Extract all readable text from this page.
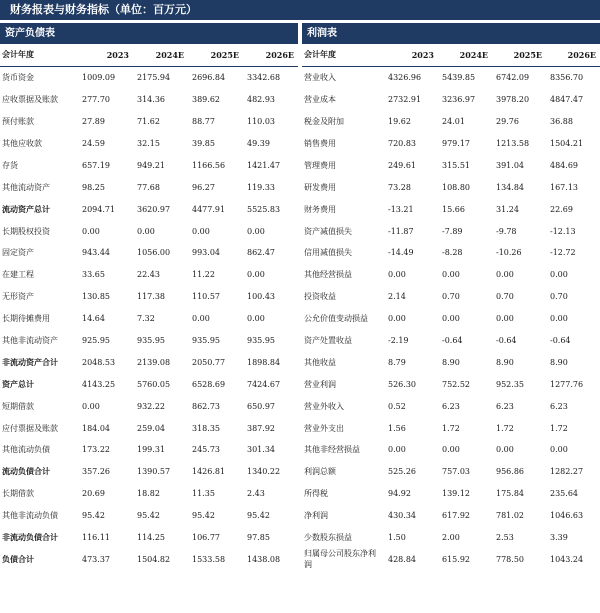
财务报表与财务指标（单位：百万元）
资产负债表
会计年度	2023	2024E	2025E	2026E
货币资金	1009.09	2175.94	2696.84	3342.68
应收票据及账款	277.70	314.36	389.62	482.93
预付账款	27.89	71.62	88.77	110.03
其他应收款	24.59	32.15	39.85	49.39
存货	657.19	949.21	1166.56	1421.47
其他流动资产	98.25	77.68	96.27	119.33
流动资产总计	2094.71	3620.97	4477.91	5525.83
长期股权投资	0.00	0.00	0.00	0.00
固定资产	943.44	1056.00	993.04	862.47
在建工程	33.65	22.43	11.22	0.00
无形资产	130.85	117.38	110.57	100.43
长期待摊费用	14.64	7.32	0.00	0.00
其他非流动资产	925.95	935.95	935.95	935.95
非流动资产合计	2048.53	2139.08	2050.77	1898.84
资产总计	4143.25	5760.05	6528.69	7424.67
短期借款	0.00	932.22	862.73	650.97
应付票据及账款	184.04	259.04	318.35	387.92
其他流动负债	173.22	199.31	245.73	301.34
流动负债合计	357.26	1390.57	1426.81	1340.22
长期借款	20.69	18.82	11.35	2.43
其他非流动负债	95.42	95.42	95.42	95.42
非流动负债合计	116.11	114.25	106.77	97.85
负债合计	473.37	1504.82	1533.58	1438.08
利润表
会计年度	2023	2024E	2025E	2026E
营业收入	4326.96	5439.85	6742.09	8356.70
营业成本	2732.91	3236.97	3978.20	4847.47
税金及附加	19.62	24.01	29.76	36.88
销售费用	720.83	979.17	1213.58	1504.21
管理费用	249.61	315.51	391.04	484.69
研发费用	73.28	108.80	134.84	167.13
财务费用	-13.21	15.66	31.24	22.69
资产减值损失	-11.87	-7.89	-9.78	-12.13
信用减值损失	-14.49	-8.28	-10.26	-12.72
其他经营损益	0.00	0.00	0.00	0.00
投资收益	2.14	0.70	0.70	0.70
公允价值变动损益	0.00	0.00	0.00	0.00
资产处置收益	-2.19	-0.64	-0.64	-0.64
其他收益	8.79	8.90	8.90	8.90
营业利润	526.30	752.52	952.35	1277.76
营业外收入	0.52	6.23	6.23	6.23
营业外支出	1.56	1.72	1.72	1.72
其他非经营损益	0.00	0.00	0.00	0.00
利润总额	525.26	757.03	956.86	1282.27
所得税	94.92	139.12	175.84	235.64
净利润	430.34	617.92	781.02	1046.63
少数股东损益	1.50	2.00	2.53	3.39
归属母公司股东净利润	428.84	615.92	778.50	1043.24
